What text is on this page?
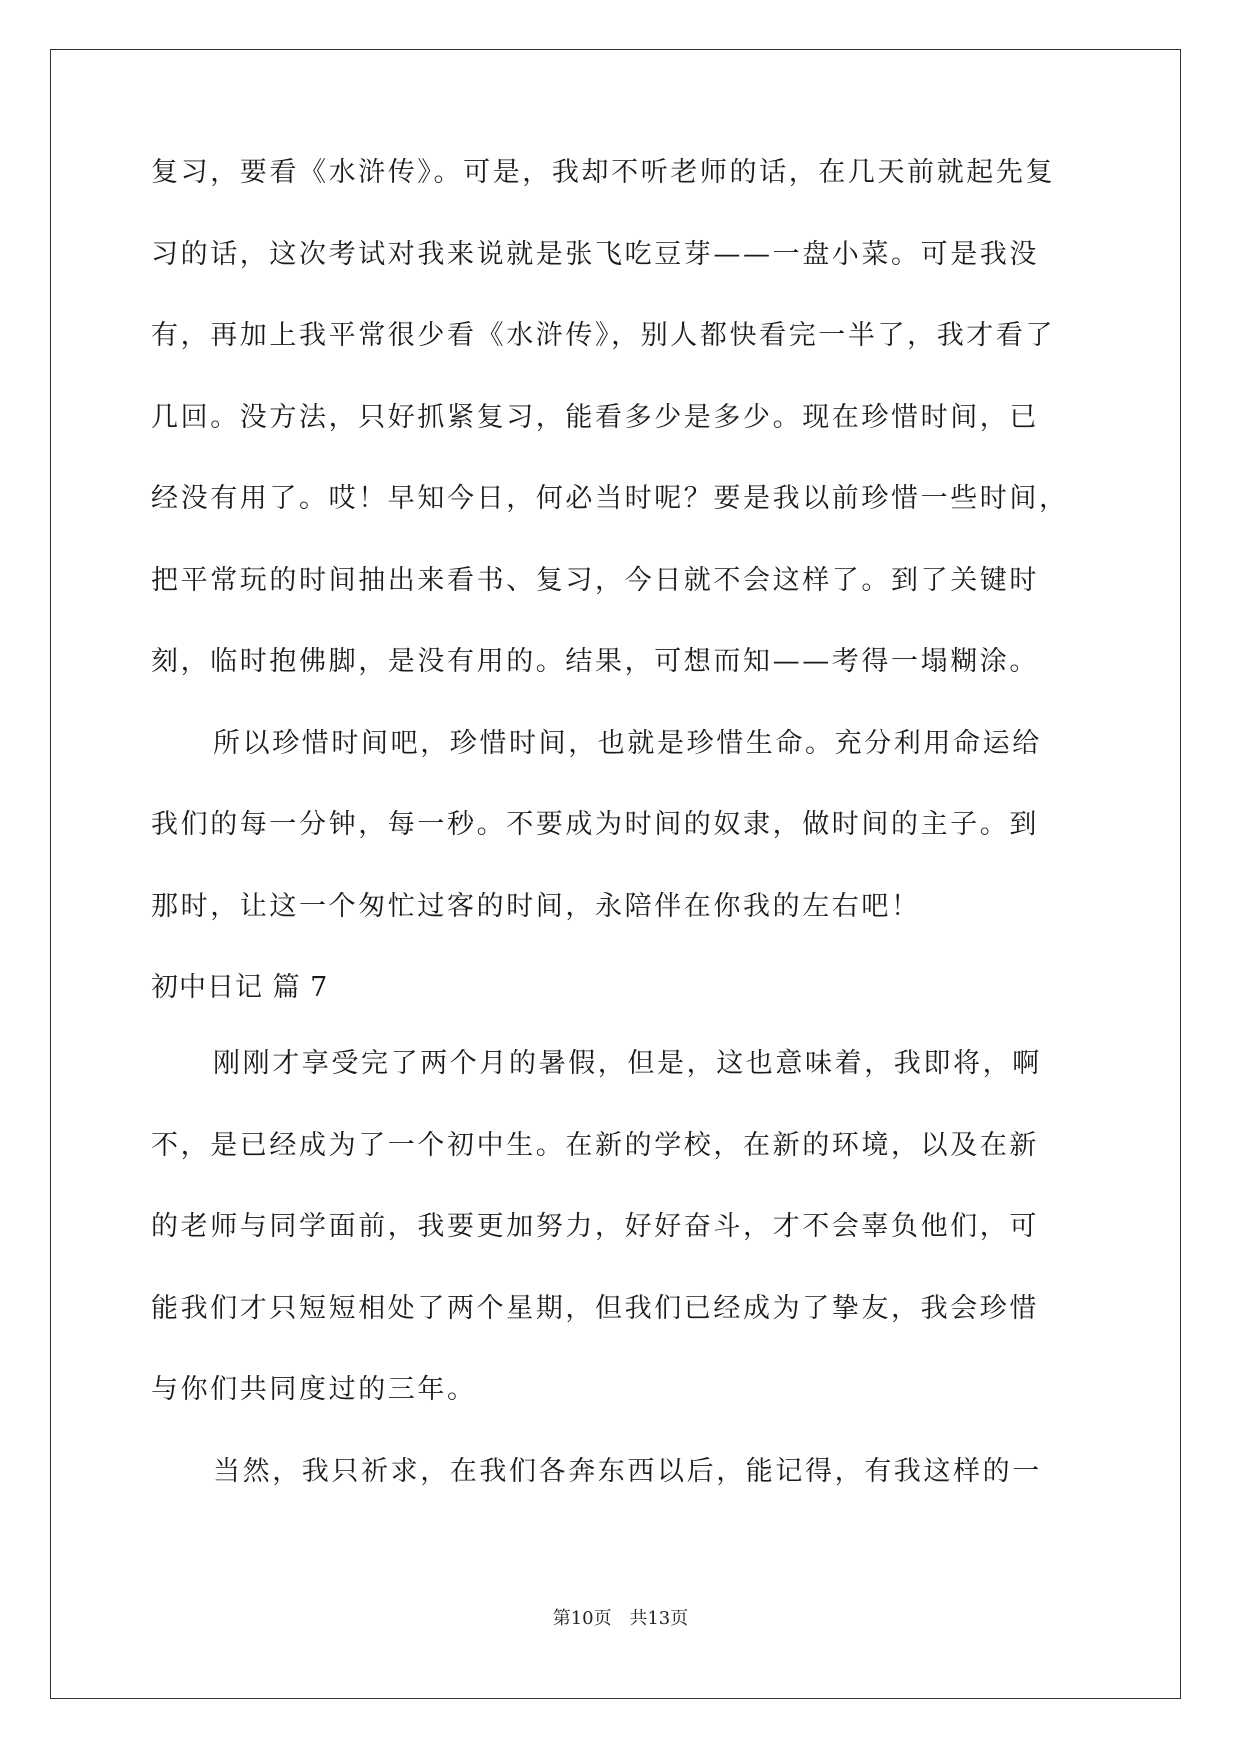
复习，要看《水浒传》。可是，我却不听老师的话，在几天前就起先复
习的话，这次考试对我来说就是张飞吃豆芽——一盘小菜。可是我没
有，再加上我平常很少看《水浒传》，别人都快看完一半了，我才看了
几回。没方法，只好抓紧复习，能看多少是多少。现在珍惜时间，已
经没有用了。哎！早知今日，何必当时呢？要是我以前珍惜一些时间，
把平常玩的时间抽出来看书、复习，今日就不会这样了。到了关键时
刻，临时抱佛脚，是没有用的。结果，可想而知——考得一塌糊涂。
所以珍惜时间吧，珍惜时间，也就是珍惜生命。充分利用命运给
我们的每一分钟，每一秒。不要成为时间的奴隶，做时间的主子。到
那时，让这一个匆忙过客的时间，永陪伴在你我的左右吧！
初中日记 篇 7
刚刚才享受完了两个月的暑假，但是，这也意味着，我即将，啊
不，是已经成为了一个初中生。在新的学校，在新的环境，以及在新
的老师与同学面前，我要更加努力，好好奋斗，才不会辜负他们，可
能我们才只短短相处了两个星期，但我们已经成为了挚友，我会珍惜
与你们共同度过的三年。
当然，我只祈求，在我们各奔东西以后，能记得，有我这样的一
第10页 共13页
